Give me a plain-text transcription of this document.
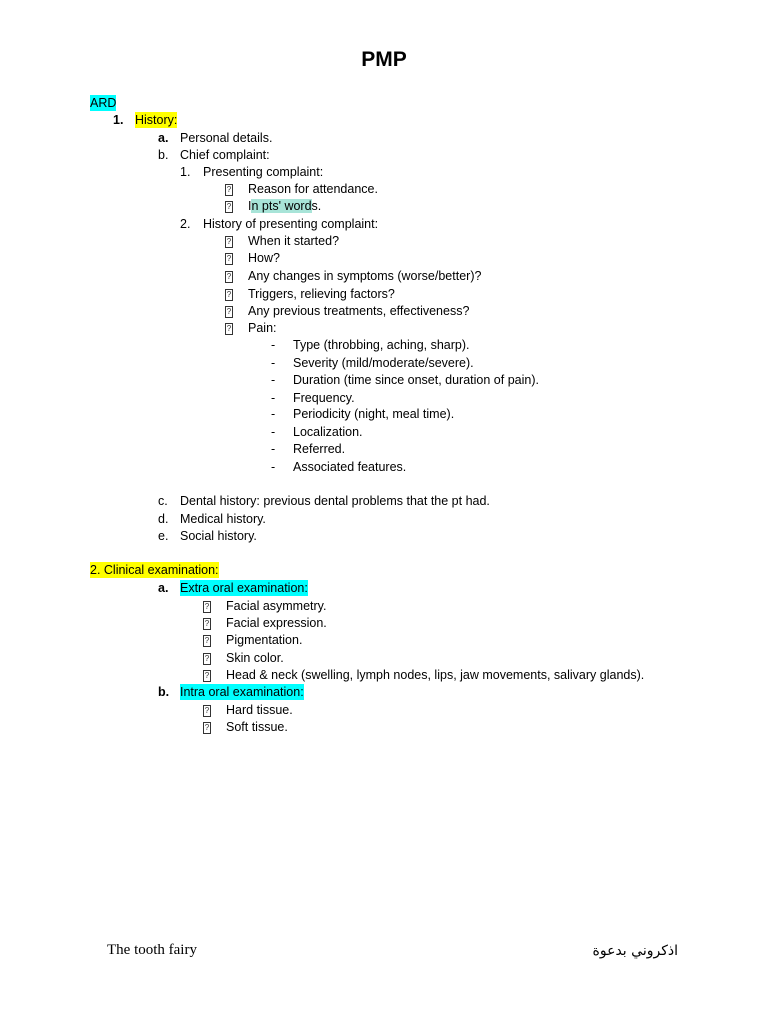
PMP
ARD
1. History:
a. Personal details.
b. Chief complaint:
1. Presenting complaint:
?
Reason for attendance.
?
In pts' words.
2. History of presenting complaint:
?
When it started?
?
How?
?
Any changes in symptoms (worse/better)?
?
Triggers, relieving factors?
?
Any previous treatments, effectiveness?
?
Pain:
- Type (throbbing, aching, sharp).
- Severity (mild/moderate/severe).
- Duration (time since onset, duration of pain).
- Frequency.
- Periodicity (night, meal time).
- Localization.
- Referred.
- Associated features.
c. Dental history: previous dental problems that the pt had.
d. Medical history.
e. Social history.
2. Clinical examination:
a. Extra oral examination:
?
Facial asymmetry.
?
Facial expression.
?
Pigmentation.
?
Skin color.
?
Head & neck (swelling, lymph nodes, lips, jaw movements, salivary glands).
b. Intra oral examination:
?
Hard tissue.
?
Soft tissue.
The tooth fairy	اذكروني بدعوة
